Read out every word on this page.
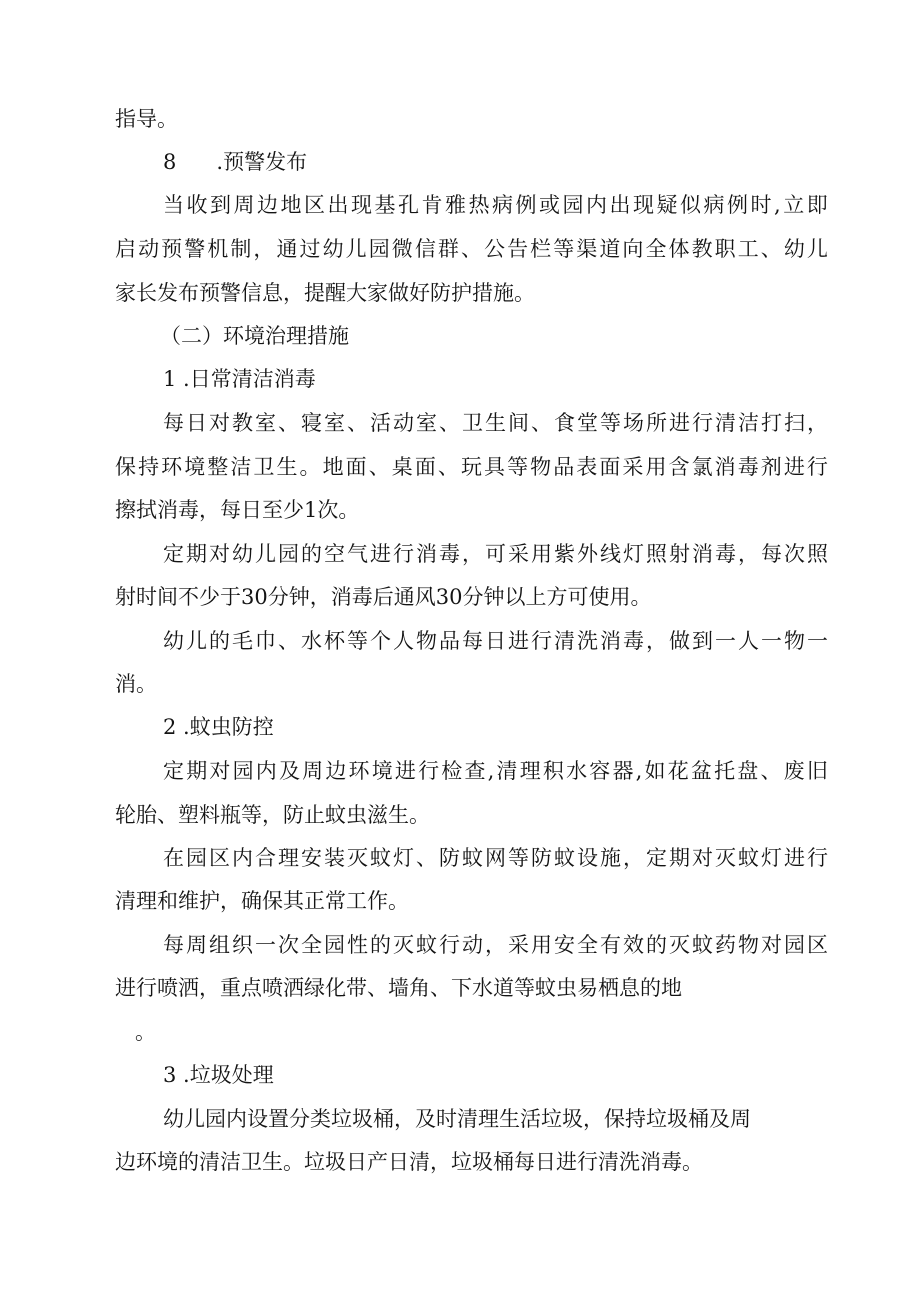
指导。
8      .预警发布
当 收 到 周 边 地 区 出 现 基 孔 肯 雅 热 病 例 或 园 内 出 现 疑 似 病 例 时 , 立 即
启 动 预 警 机 制 ， 通 过 幼 儿 园 微 信 群 、 公 告 栏 等 渠 道 向 全 体 教 职 工 、 幼 儿
家长发布预警信息，提醒大家做好防护措施。
（二）环境治理措施
1 .日常清洁消毒
每 日 对 教 室 、 寝 室 、 活 动 室 、 卫 生 间 、 食 堂 等 场 所 进 行 清 洁 打 扫 ，
保 持 环 境 整 洁 卫 生 。 地 面 、 桌 面 、 玩 具 等 物 品 表 面 采 用 含 氯 消 毒 剂 进 行
擦拭消毒，每日至少1次。
定 期 对 幼 儿 园 的 空 气 进 行 消 毒 ， 可 采 用 紫 外 线 灯 照 射 消 毒 ， 每 次 照
射时间不少于30分钟，消毒后通风30分钟以上方可使用。
幼 儿 的 毛 巾 、 水 杯 等 个 人 物 品 每 日 进 行 清 洗 消 毒 ， 做 到 一 人 一 物 一
消。
2 .蚊虫防控
定 期 对 园 内 及 周 边 环 境 进 行 检 查 , 清 理 积 水 容 器 , 如 花 盆 托 盘 、 废 旧
轮胎、塑料瓶等，防止蚊虫滋生。
在 园 区 内 合 理 安 装 灭 蚊 灯 、 防 蚊 网 等 防 蚊 设 施 ， 定 期 对 灭 蚊 灯 进 行
清理和维护，确保其正常工作。
每 周 组 织 一 次 全 园 性 的 灭 蚊 行 动 ， 采 用 安 全 有 效 的 灭 蚊 药 物 对 园 区
进行喷洒，重点喷洒绿化带、墙角、下水道等蚊虫易栖息的地
。
3 .垃圾处理
幼儿园内设置分类垃圾桶，及时清理生活垃圾，保持垃圾桶及周
边环境的清洁卫生。垃圾日产日清，垃圾桶每日进行清洗消毒。
